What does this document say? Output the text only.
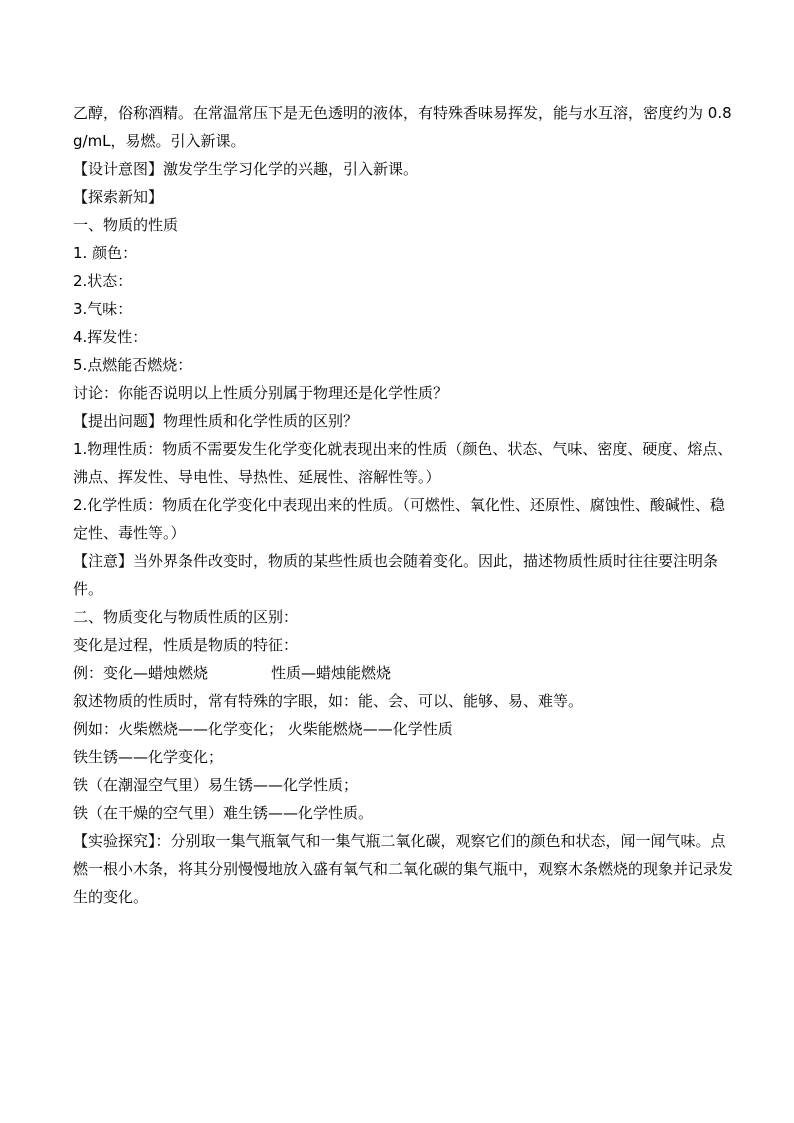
乙醇，俗称酒精。在常温常压下是无色透明的液体，有特殊香味易挥发，能与水互溶，密度约为 0.8g/mL，易燃。引入新课。

【设计意图】激发学生学习化学的兴趣，引入新课。

【探索新知】

一、物质的性质

1. 颜色：

2.状态：

3.气味：

4.挥发性：

5.点燃能否燃烧：

讨论：你能否说明以上性质分别属于物理还是化学性质？

【提出问题】物理性质和化学性质的区别？

1.物理性质：物质不需要发生化学变化就表现出来的性质（颜色、状态、气味、密度、硬度、熔点、沸点、挥发性、导电性、导热性、延展性、溶解性等。）

2.化学性质：物质在化学变化中表现出来的性质。（可燃性、氧化性、还原性、腐蚀性、酸碱性、稳定性、毒性等。）

【注意】当外界条件改变时，物质的某些性质也会随着变化。因此，描述物质性质时往往要注明条件。

二、物质变化与物质性质的区别：

变化是过程，性质是物质的特征：

例：变化—蜡烛燃烧	性质—蜡烛能燃烧

叙述物质的性质时，常有特殊的字眼，如：能、会、可以、能够、易、难等。

例如：火柴燃烧——化学变化； 火柴能燃烧——化学性质

铁生锈——化学变化；

铁（在潮湿空气里）易生锈——化学性质；

铁（在干燥的空气里）难生锈——化学性质。

【实验探究】：分别取一集气瓶氧气和一集气瓶二氧化碳，观察它们的颜色和状态，闻一闻气味。点燃一根小木条，将其分别慢慢地放入盛有氧气和二氧化碳的集气瓶中，观察木条燃烧的现象并记录发生的变化。
